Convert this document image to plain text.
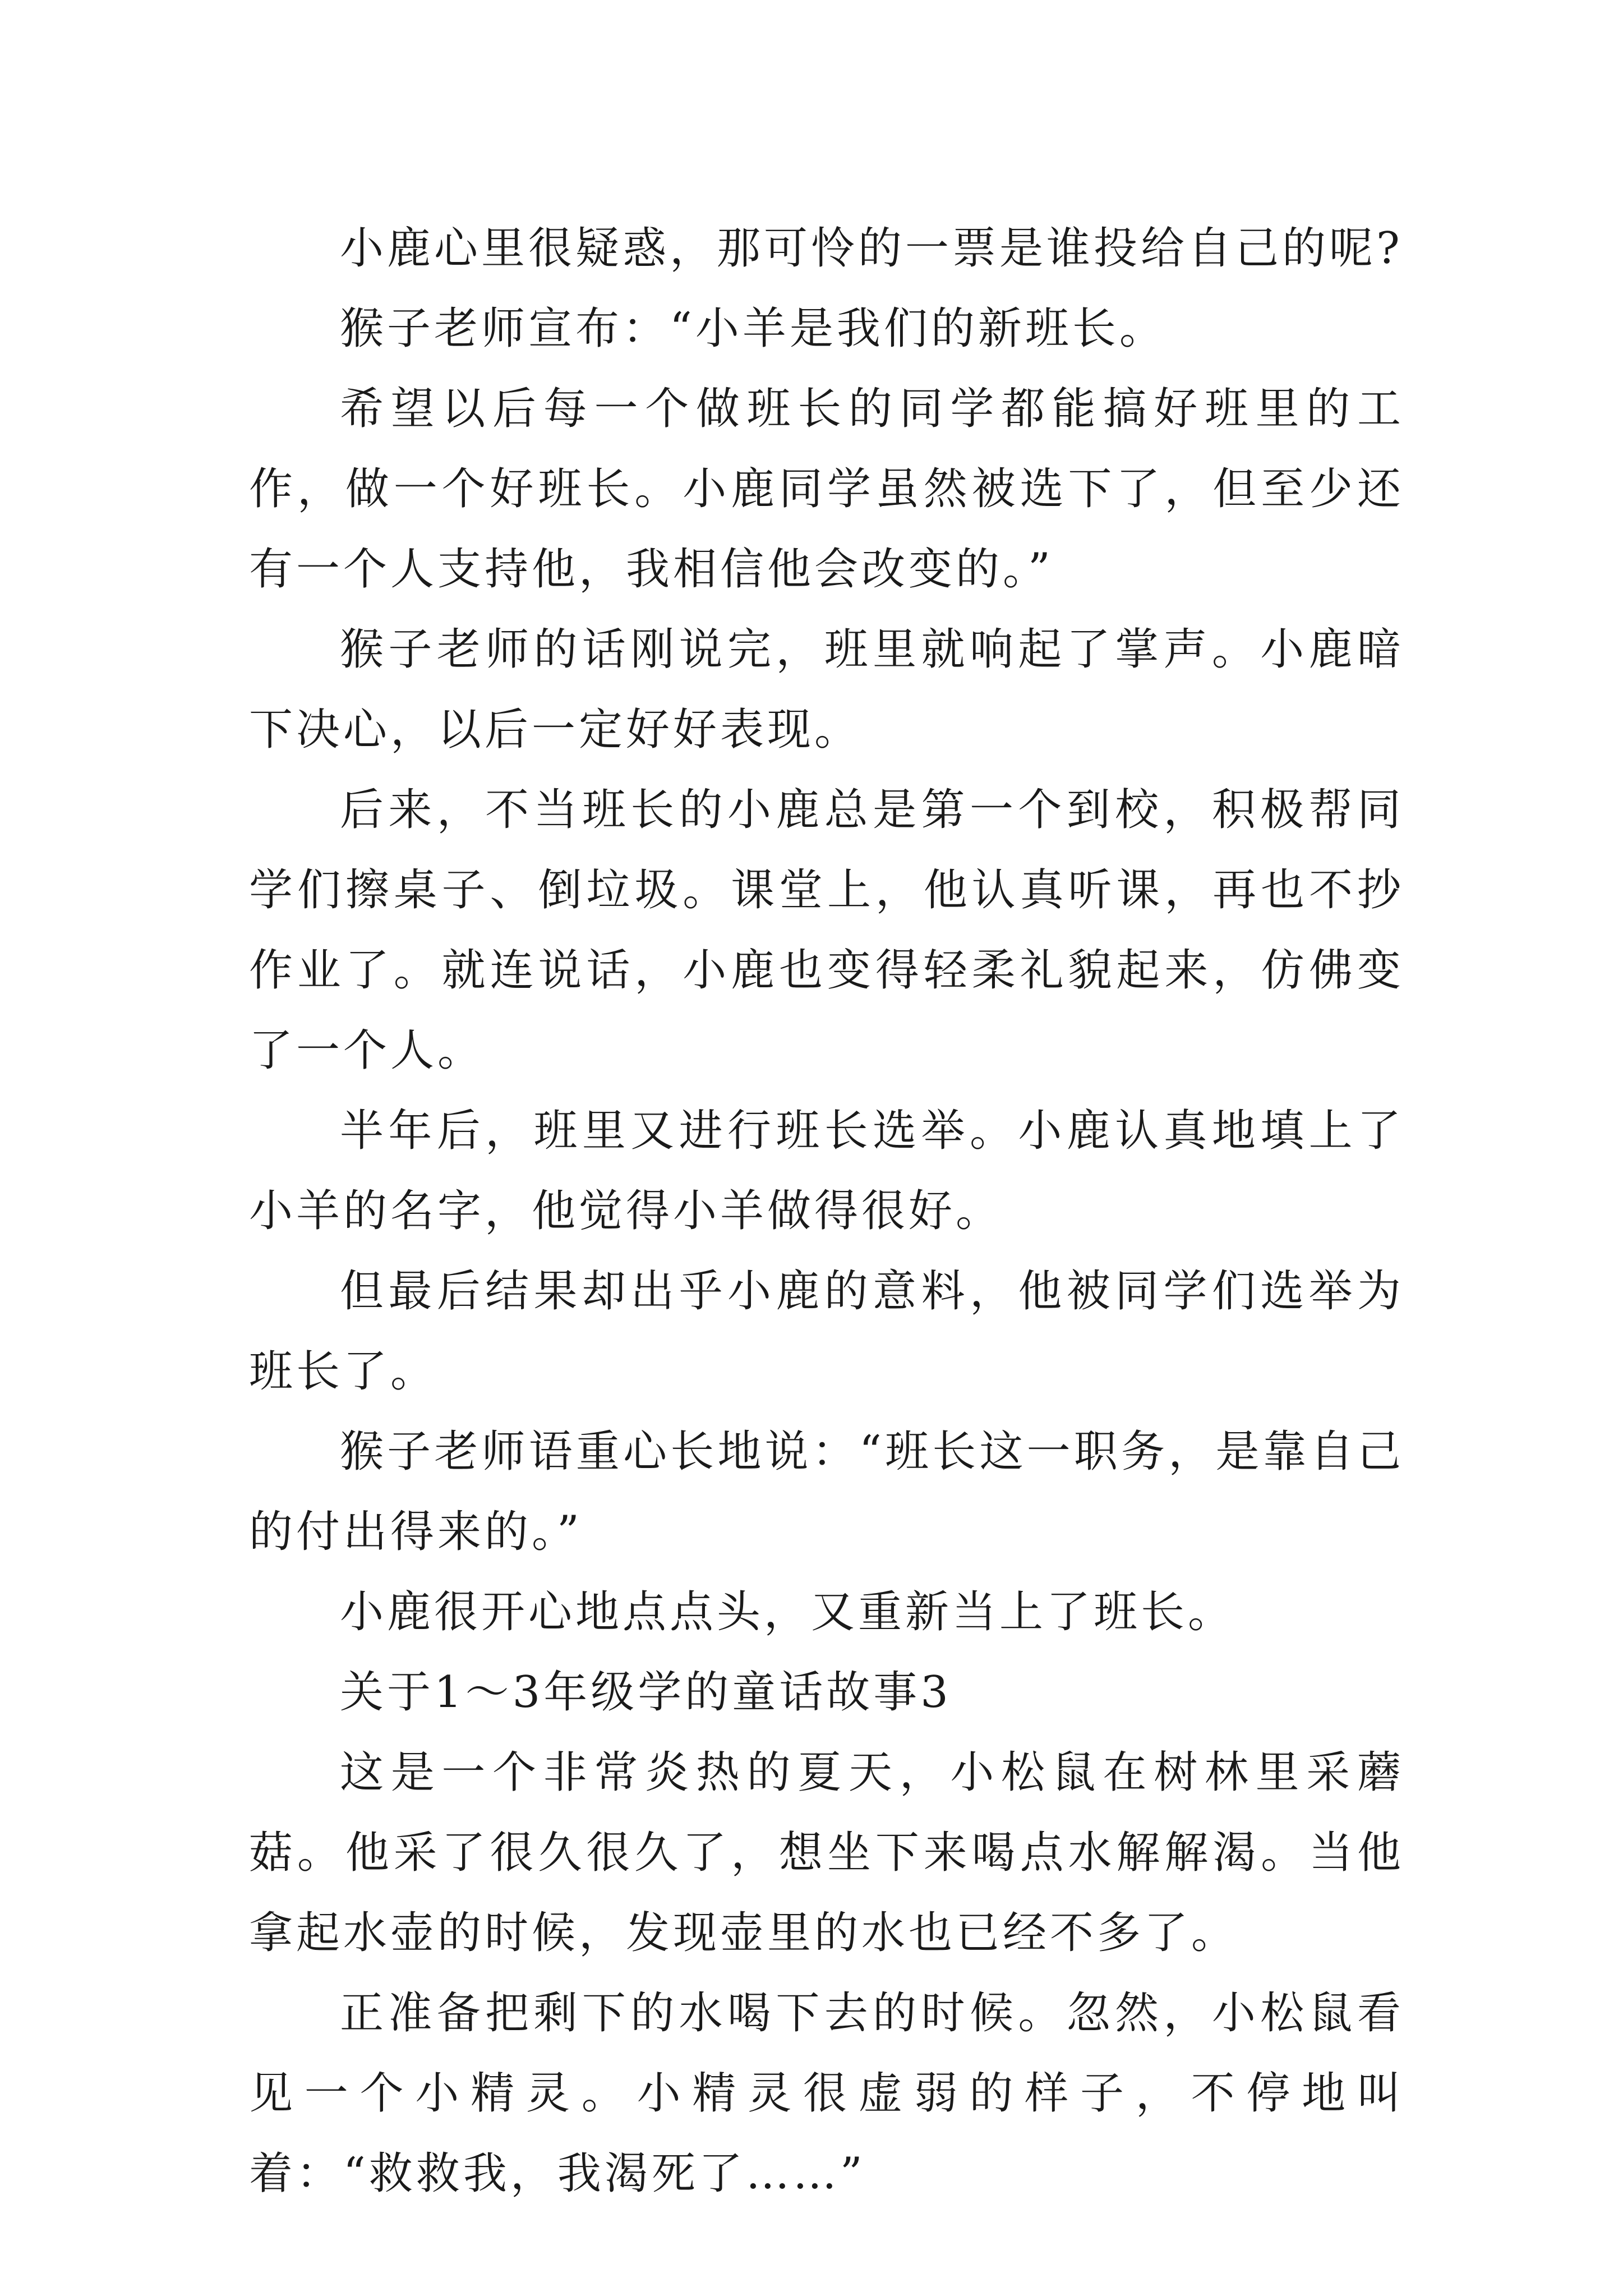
小鹿心里很疑惑，那可怜的一票是谁投给自己的呢?

猴子老师宣布：“小羊是我们的新班长。

希望以后每一个做班长的同学都能搞好班里的工作，做一个好班长。小鹿同学虽然被选下了，但至少还有一个人支持他，我相信他会改变的。”

猴子老师的话刚说完，班里就响起了掌声。小鹿暗下决心，以后一定好好表现。

后来，不当班长的小鹿总是第一个到校，积极帮同学们擦桌子、倒垃圾。课堂上，他认真听课，再也不抄作业了。就连说话，小鹿也变得轻柔礼貌起来，仿佛变了一个人。

半年后，班里又进行班长选举。小鹿认真地填上了小羊的名字，他觉得小羊做得很好。

但最后结果却出乎小鹿的意料，他被同学们选举为班长了。

猴子老师语重心长地说：“班长这一职务，是靠自己的付出得来的。”

小鹿很开心地点点头，又重新当上了班长。

关于1～3年级学的童话故事3

这是一个非常炎热的夏天，小松鼠在树林里采蘑菇。他采了很久很久了，想坐下来喝点水解解渴。当他拿起水壶的时候，发现壶里的水也已经不多了。

正准备把剩下的水喝下去的时候。忽然，小松鼠看见一个小精灵。小精灵很虚弱的样子，不停地叫着：“救救我，我渴死了……”
